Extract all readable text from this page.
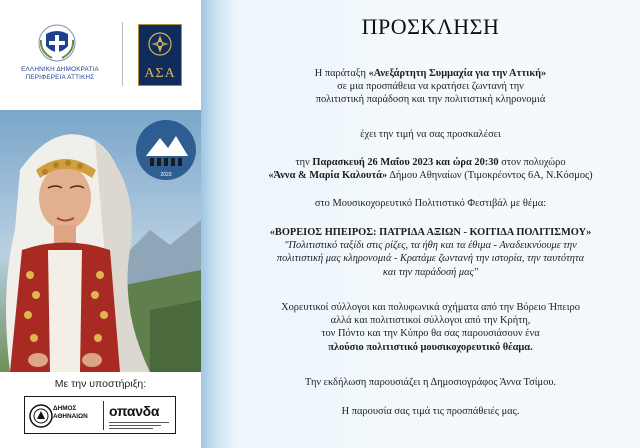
ΕΛΛΗΝΙΚΗ ΔΗΜΟΚΡΑΤΙΑ
ΠΕΡΙΦΕΡΕΙΑ ΑΤΤΙΚΗΣ	ΑΣΑ
2023
Με την υποστήριξη:
ΔΗΜΟΣ
ΑΘΗΝΑΙΩΝ οπανδα
ΠΡΟΣΚΛΗΣΗ
Η παράταξη «Ανεξάρτητη Συμμαχία για την Αττική»
σε μια προσπάθεια να κρατήσει ζωντανή την
πολιτιστική παράδοση και την πολιτιστική κληρονομιά
έχει την τιμή να σας προσκαλέσει
την Παρασκευή 26 Μαΐου 2023 και ώρα 20:30 στον πολυχώρο
«Άννα & Μαρία Καλουτά» Δήμου Αθηναίων (Τιμοκρέοντος 6Α, Ν.Κόσμος)
στο Μουσικοχορευτικό Πολιτιστικό Φεστιβάλ με θέμα:
«ΒΟΡΕΙΟΣ ΗΠΕΙΡΟΣ: ΠΑΤΡΙΔΑ ΑΞΙΩΝ - ΚΟΙΤΙΔΑ ΠΟΛΙΤΙΣΜΟΥ»
"Πολιτιστικό ταξίδι στις ρίζες, τα ήθη και τα έθιμα - Αναδεικνύουμε την
πολιτιστική μας κληρονομιά - Κρατάμε ζωντανή την ιστορία, την ταυτότητα
και την παράδοσή μας"
Χορευτικοί σύλλογοι και πολυφωνικά σχήματα από την Βόρειο Ήπειρο
αλλά και πολιτιστικοί σύλλογοι από την Κρήτη,
τον Πόντο και την Κύπρο θα σας παρουσιάσουν ένα
πλούσιο πολιτιστικό μουσικοχορευτικό θέαμα.
Την εκδήλωση παρουσιάζει η Δημοσιογράφος Άννα Τσίμου.
Η παρουσία σας τιμά τις προσπάθειές μας.
